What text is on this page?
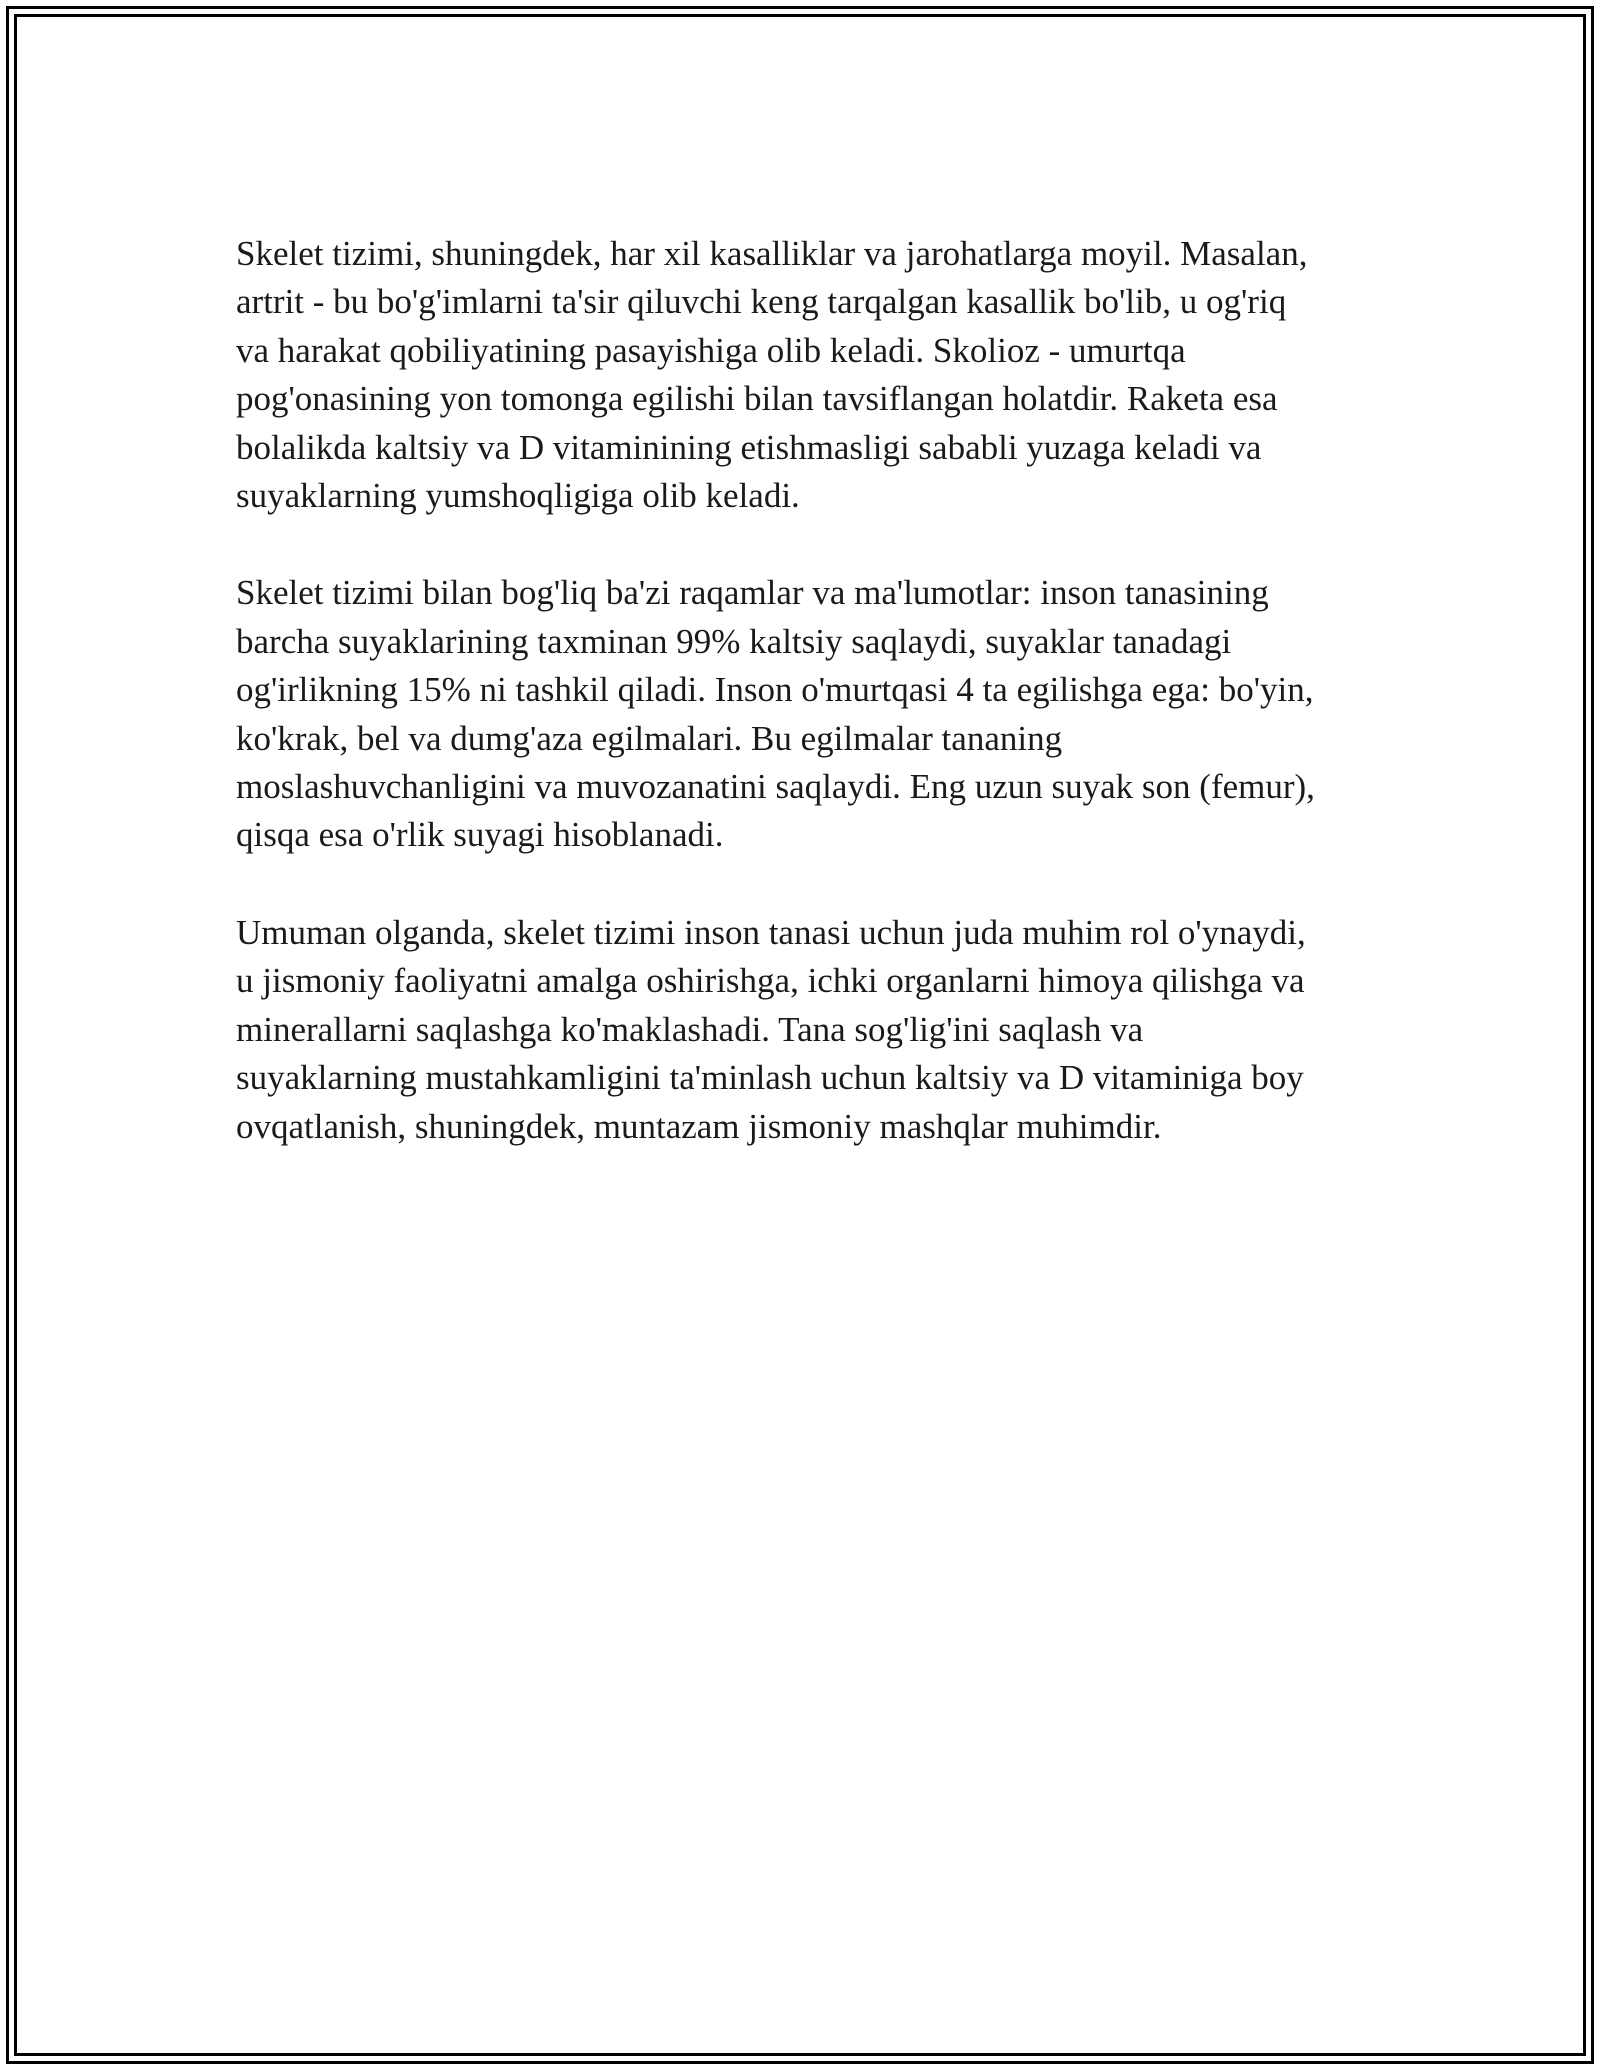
Skelet tizimi, shuningdek, har xil kasalliklar va jarohatlarga moyil. Masalan,
artrit - bu bo'g'imlarni ta'sir qiluvchi keng tarqalgan kasallik bo'lib, u og'riq
va harakat qobiliyatining pasayishiga olib keladi. Skolioz - umurtqa
pog'onasining yon tomonga egilishi bilan tavsiflangan holatdir. Raketa esa
bolalikda kaltsiy va D vitaminining etishmasligi sababli yuzaga keladi va
suyaklarning yumshoqligiga olib keladi.

Skelet tizimi bilan bog'liq ba'zi raqamlar va ma'lumotlar: inson tanasining
barcha suyaklarining taxminan 99% kaltsiy saqlaydi, suyaklar tanadagi
og'irlikning 15% ni tashkil qiladi. Inson o'murtqasi 4 ta egilishga ega: bo'yin,
ko'krak, bel va dumg'aza egilmalari. Bu egilmalar tananing
moslashuvchanligini va muvozanatini saqlaydi. Eng uzun suyak son (femur),
qisqa esa o'rlik suyagi hisoblanadi.

Umuman olganda, skelet tizimi inson tanasi uchun juda muhim rol o'ynaydi,
u jismoniy faoliyatni amalga oshirishga, ichki organlarni himoya qilishga va
minerallarni saqlashga ko'maklashadi. Tana sog'lig'ini saqlash va
suyaklarning mustahkamligini ta'minlash uchun kaltsiy va D vitaminiga boy
ovqatlanish, shuningdek, muntazam jismoniy mashqlar muhimdir.
